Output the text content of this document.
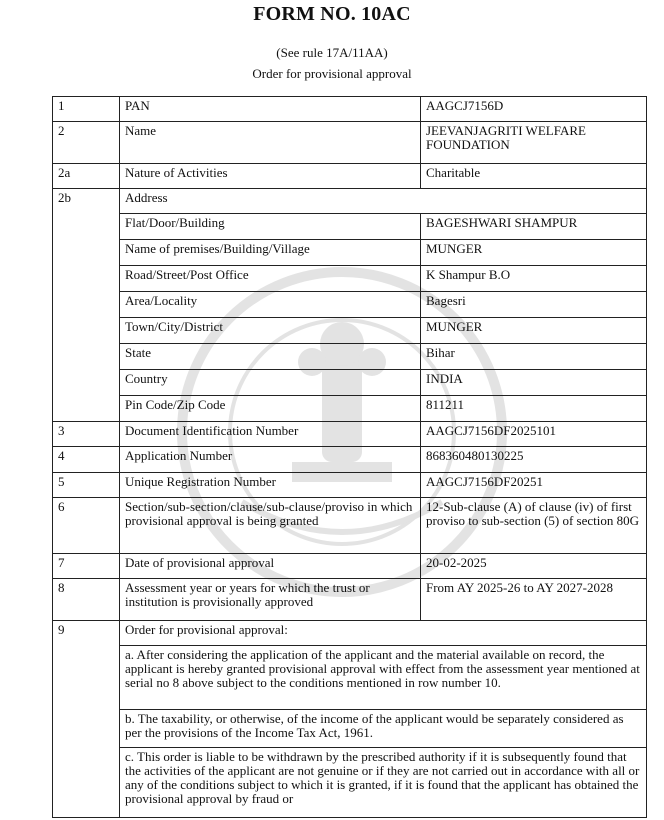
FORM NO. 10AC
(See rule 17A/11AA)
Order for provisional approval
1	PAN	AAGCJ7156D
2	Name	JEEVANJAGRITI WELFARE FOUNDATION
2a	Nature of Activities	Charitable
2b	Address	
	Flat/Door/Building	BAGESHWARI SHAMPUR
	Name of premises/Building/Village	MUNGER
	Road/Street/Post Office	K Shampur B.O
	Area/Locality	Bagesri
	Town/City/District	MUNGER
	State	Bihar
	Country	INDIA
	Pin Code/Zip Code	811211
3	Document Identification Number	AAGCJ7156DF2025101
4	Application Number	868360480130225
5	Unique Registration Number	AAGCJ7156DF20251
6	Section/sub-section/clause/sub-clause/proviso in which provisional approval is being granted	12-Sub-clause (A) of clause (iv) of first proviso to sub-section (5) of section 80G
7	Date of provisional approval	20-02-2025
8	Assessment year or years for which the trust or institution is provisionally approved	From AY 2025-26 to AY 2027-2028
9	Order for provisional approval:	
	a. After considering the application of the applicant and the material available on record, the applicant is hereby granted provisional approval with effect from the assessment year mentioned at serial no 8 above subject to the conditions mentioned in row number 10.	
	b. The taxability, or otherwise, of the income of the applicant would be separately considered as per the provisions of the Income Tax Act, 1961.	
	c. This order is liable to be withdrawn by the prescribed authority if it is subsequently found that the activities of the applicant are not genuine or if they are not carried out in accordance with all or any of the conditions subject to which it is granted, if it is found that the applicant has obtained the provisional approval by fraud or	
